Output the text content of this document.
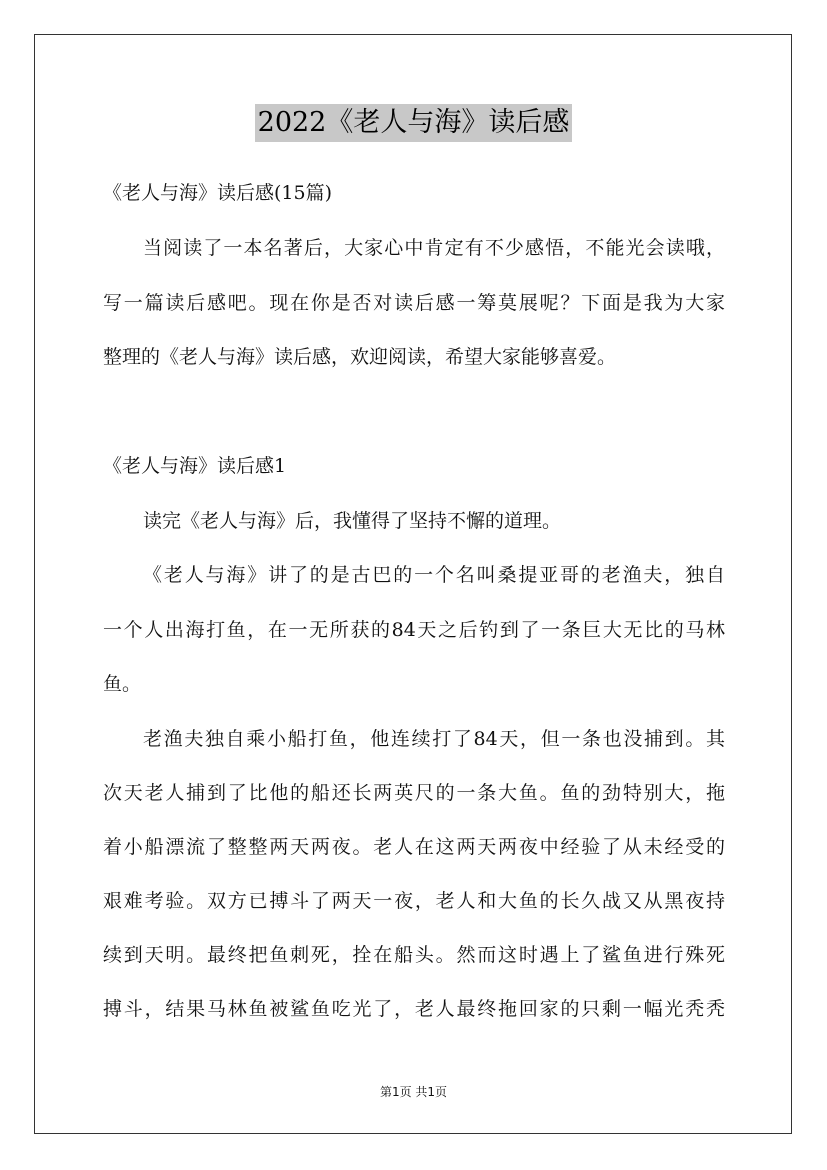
2022《老人与海》读后感
《老人与海》读后感(15篇)
当阅读了一本名著后，大家心中肯定有不少感悟，不能光会读哦，
写一篇读后感吧。现在你是否对读后感一筹莫展呢？下面是我为大家
整理的《老人与海》读后感，欢迎阅读，希望大家能够喜爱。
《老人与海》读后感1
读完《老人与海》后，我懂得了坚持不懈的道理。
《老人与海》讲了的是古巴的一个名叫桑提亚哥的老渔夫，独自
一个人出海打鱼，在一无所获的84天之后钓到了一条巨大无比的马林
鱼。
老渔夫独自乘小船打鱼，他连续打了84天，但一条也没捕到。其
次天老人捕到了比他的船还长两英尺的一条大鱼。鱼的劲特别大，拖
着小船漂流了整整两天两夜。老人在这两天两夜中经验了从未经受的
艰难考验。双方已搏斗了两天一夜，老人和大鱼的长久战又从黑夜持
续到天明。最终把鱼刺死，拴在船头。然而这时遇上了鲨鱼进行殊死
搏斗，结果马林鱼被鲨鱼吃光了，老人最终拖回家的只剩一幅光秃秃
第1页 共1页
